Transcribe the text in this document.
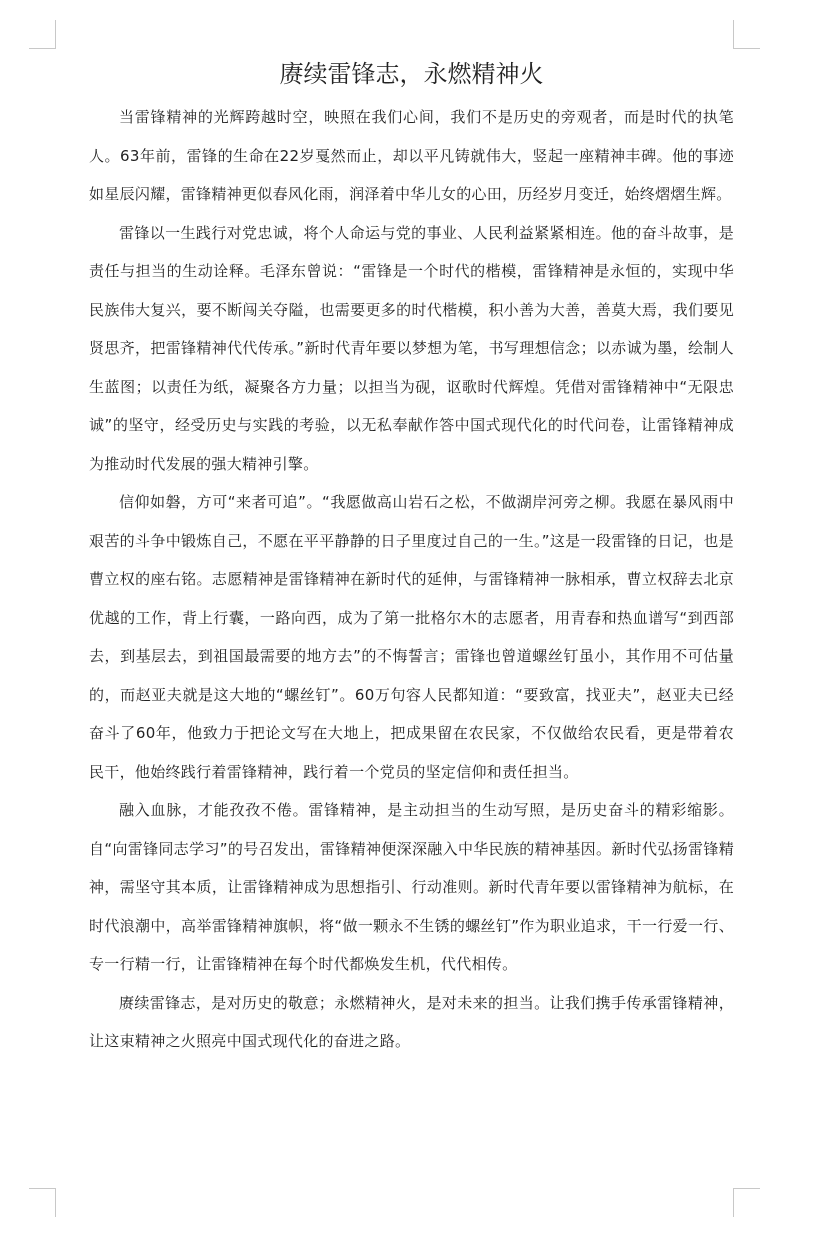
赓续雷锋志，永燃精神火

当雷锋精神的光辉跨越时空，映照在我们心间，我们不是历史的旁观者，而是时代的执笔人。63年前，雷锋的生命在22岁戛然而止，却以平凡铸就伟大，竖起一座精神丰碑。他的事迹如星辰闪耀，雷锋精神更似春风化雨，润泽着中华儿女的心田，历经岁月变迁，始终熠熠生辉。

雷锋以一生践行对党忠诚，将个人命运与党的事业、人民利益紧紧相连。他的奋斗故事，是责任与担当的生动诠释。毛泽东曾说：“雷锋是一个时代的楷模，雷锋精神是永恒的，实现中华民族伟大复兴，要不断闯关夺隘，也需要更多的时代楷模，积小善为大善，善莫大焉，我们要见贤思齐，把雷锋精神代代传承。”新时代青年要以梦想为笔，书写理想信念；以赤诚为墨，绘制人生蓝图；以责任为纸，凝聚各方力量；以担当为砚，讴歌时代辉煌。凭借对雷锋精神中“无限忠诚”的坚守，经受历史与实践的考验，以无私奉献作答中国式现代化的时代问卷，让雷锋精神成为推动时代发展的强大精神引擎。

信仰如磐，方可“来者可追”。“我愿做高山岩石之松，不做湖岸河旁之柳。我愿在暴风雨中艰苦的斗争中锻炼自己，不愿在平平静静的日子里度过自己的一生。”这是一段雷锋的日记，也是曹立权的座右铭。志愿精神是雷锋精神在新时代的延伸，与雷锋精神一脉相承，曹立权辞去北京优越的工作，背上行囊，一路向西，成为了第一批格尔木的志愿者，用青春和热血谱写“到西部去，到基层去，到祖国最需要的地方去”的不悔誓言；雷锋也曾道螺丝钉虽小，其作用不可估量的，而赵亚夫就是这大地的“螺丝钉”。60万句容人民都知道：“要致富，找亚夫”，赵亚夫已经奋斗了60年，他致力于把论文写在大地上，把成果留在农民家，不仅做给农民看，更是带着农民干，他始终践行着雷锋精神，践行着一个党员的坚定信仰和责任担当。

融入血脉，才能孜孜不倦。雷锋精神，是主动担当的生动写照，是历史奋斗的精彩缩影。自“向雷锋同志学习”的号召发出，雷锋精神便深深融入中华民族的精神基因。新时代弘扬雷锋精神，需坚守其本质，让雷锋精神成为思想指引、行动准则。新时代青年要以雷锋精神为航标，在时代浪潮中，高举雷锋精神旗帜，将“做一颗永不生锈的螺丝钉”作为职业追求，干一行爱一行、专一行精一行，让雷锋精神在每个时代都焕发生机，代代相传。

赓续雷锋志，是对历史的敬意；永燃精神火，是对未来的担当。让我们携手传承雷锋精神，让这束精神之火照亮中国式现代化的奋进之路。
